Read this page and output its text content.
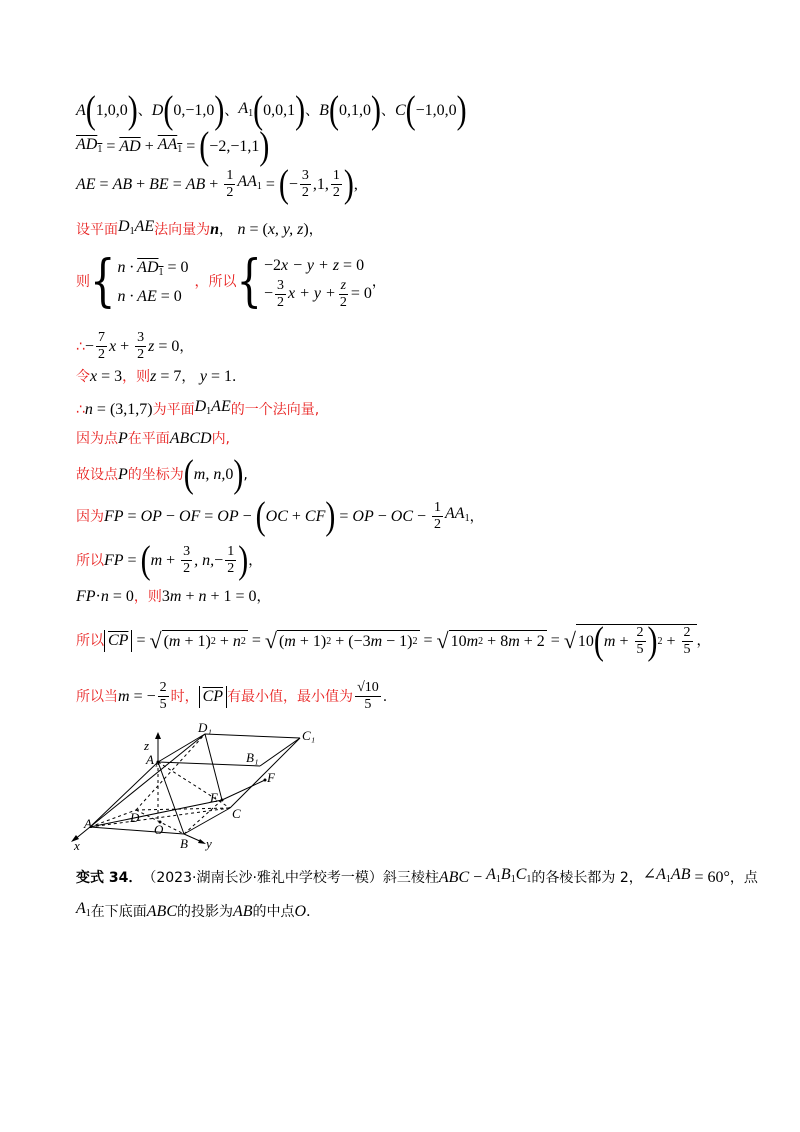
A ( 1,0,0 ) 、 D ( 0,−1,0 ) 、 $A_1$ ( 0,0,1 ) 、 B ( 0,1,0 ) 、 C ( −1,0,0 )
$AD_1 = \overline{AD} + AA_1$ = ( −2,−1,1 )
AE = AB + BE = AB + $\frac{1}{2} AA_1$ = ( − $\frac{3}{2} ,1$, $\frac{1}{2}$ ) ,
设平面 $D_1AE$ 法向量为 n ， n = ( x, y, z ) ，
则 { $n \cdot AD_1 = 0$
n · AE = 0
，所以 { −2x − y + z = 0
− $\frac{3}{2}$ $x + y + \frac{z}{2} = 0$
，
∴ − $\frac{7}{2}$ $x + \frac{3}{2}$ z = 0 ，
令 x = 3 ，则 z = 7 ， y = 1 ．
∴ n = (3,1,7) 为平面 $D_1AE$ 的一个法向量,
因为点 P 在平面 ABCD 内,
故设点 P 的坐标为 ( m, n, 0 ) ,
因为 FP = OP − OF = OP − ( OC + CF ) = OP − OC − $\frac{1}{2} AA_1$ ，
所以 FP = ( $m + \frac{3}{2}$ , n, − $\frac{1}{2}$ ) ，
FP · n = 0 ，则 3 m + n + 1 = 0 ，
所以 $\overline{CP}$ = √ ( m + 1) 2 + n 2 = √ ( m + 1) 2 + (−3 m − 1) 2 = √ 10 m 2 + 8 m + 2 = √ 10 ( $m + \frac{2}{5}$ ) $2 + \frac{2}{5}$ ，
所以当 m = − $\frac{2}{5}$ 时， $\overline{CP}$ 有最小值，最小值为 $\frac{√10}{5}$ .
z
D₁
C₁
A₁	B₁
F
E
D	C
A	O
B
x	y
变式 34． （2023·湖南长沙·雅礼中学校考一模）斜三棱柱 ABC − $A_1B_1C_1$ 的各棱长都为 2， $\angle A_1AB = 60^\circ$ ，点
$A_1$ 在下底面 ABC 的投影为 AB 的中点 O ．
